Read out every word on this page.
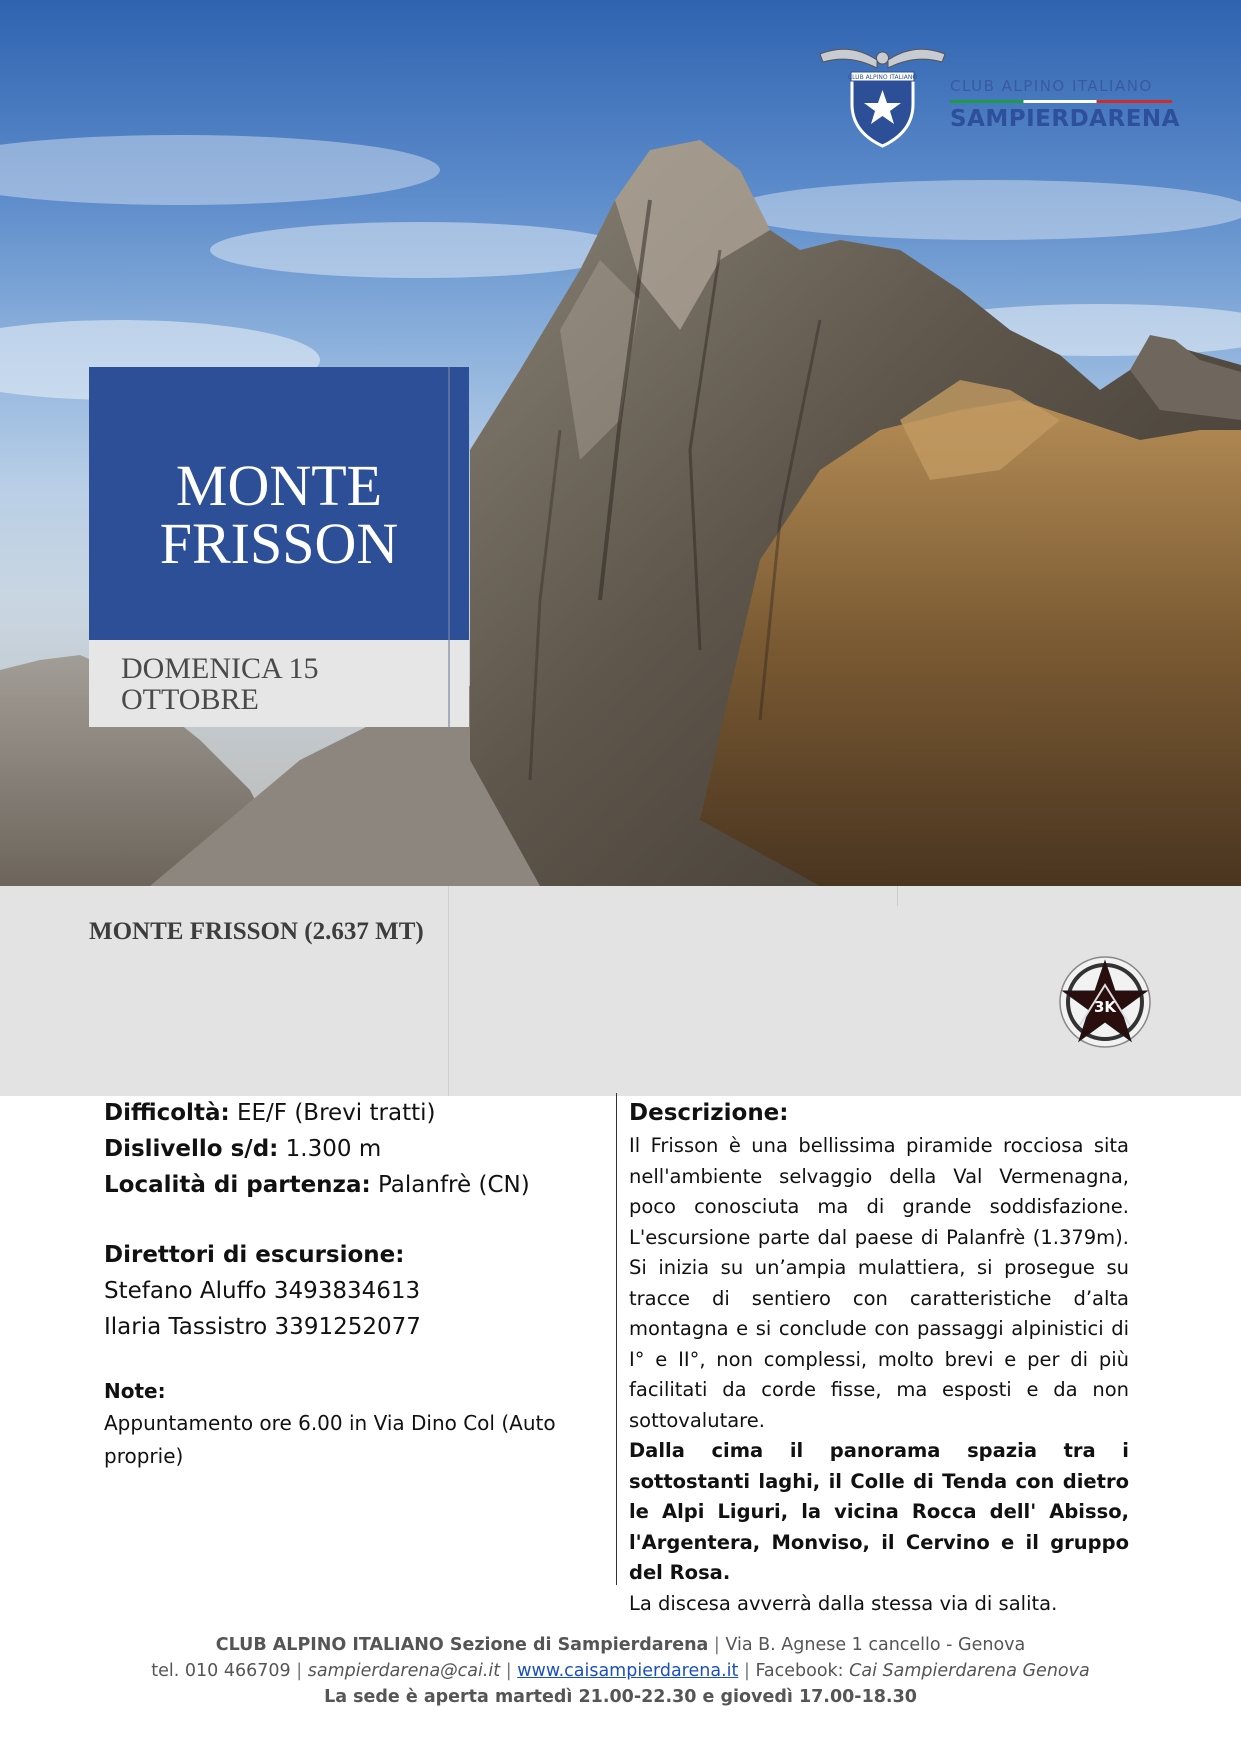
CLUB ALPINO ITALIANO CLUB ALPINO ITALIANO
SAMPIERDARENA
MONTE
FRISSON
DOMENICA 15
OTTOBRE
MONTE FRISSON (2.637 MT)
3K
Difficoltà: EE/F (Brevi tratti)
Dislivello s/d: 1.300 m
Località di partenza: Palanfrè (CN)
Direttori di escursione:
Stefano Aluffo 3493834613
Ilaria Tassistro 3391252077
Note:
Appuntamento ore 6.00 in Via Dino Col (Auto proprie)
Descrizione:

Il Frisson è una bellissima piramide rocciosa sita nell'ambiente selvaggio della Val Vermenagna, poco conosciuta ma di grande soddisfazione. L'escursione parte dal paese di Palanfrè (1.379m). Si inizia su un’ampia mulattiera, si prosegue su tracce di sentiero con caratteristiche d’alta montagna e si conclude con passaggi alpinistici di I° e II°, non complessi, molto brevi e per di più facilitati da corde fisse, ma esposti e da non sottovalutare.

Dalla cima il panorama spazia tra i sottostanti laghi, il Colle di Tenda con dietro le Alpi Liguri, la vicina Rocca dell' Abisso, l'Argentera, Monviso, il Cervino e il gruppo del Rosa.

La discesa avverrà dalla stessa via di salita.

CLUB ALPINO ITALIANO Sezione di Sampierdarena | Via B. Agnese 1 cancello - Genova
tel. 010 466709 | sampierdarena@cai.it | www.caisampierdarena.it | Facebook: Cai Sampierdarena Genova
La sede è aperta martedì 21.00-22.30 e giovedì 17.00-18.30
